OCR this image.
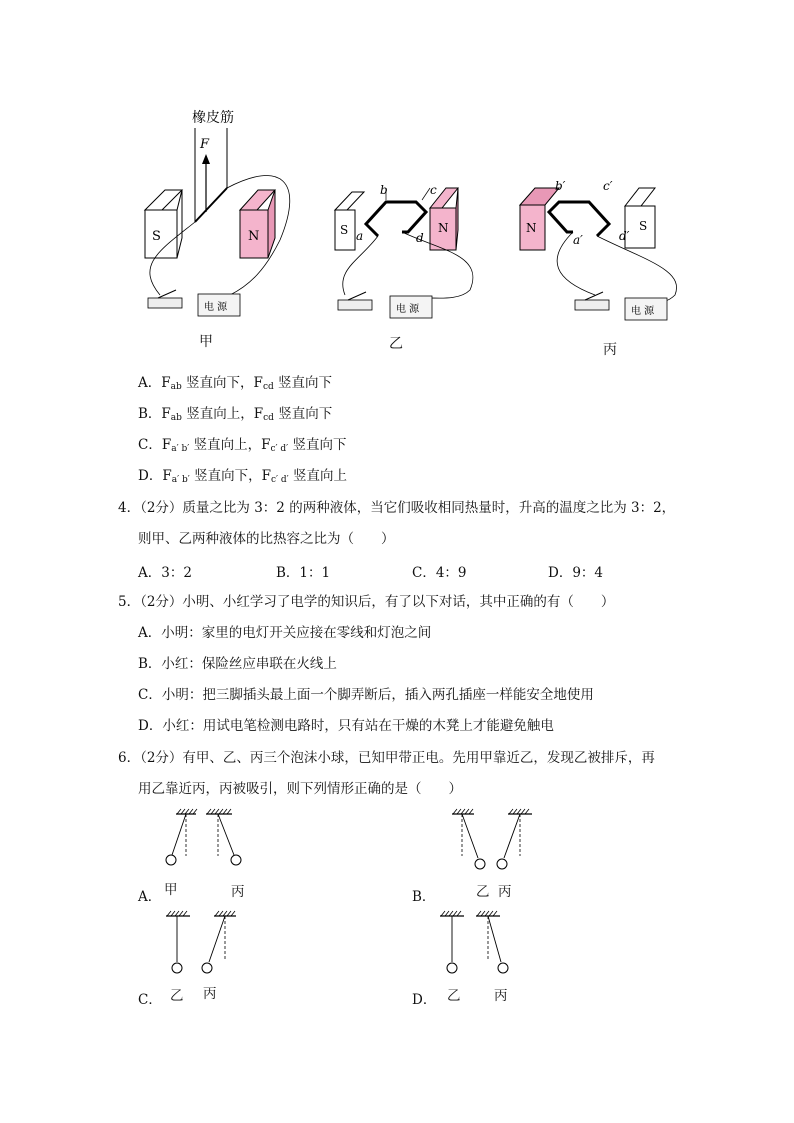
橡皮筋
F
S	N
电 源
甲
S	N
b	c
a	d
电 源
乙
N	S
b′	c′
a′	d′
电 源
丙
A．$F_{ab}$ 竖直向下，$F_{cd}$ 竖直向下
B．$F_{ab}$ 竖直向上，$F_{cd}$ 竖直向下
C．$F_{a' b'}$ 竖直向上，$F_{c' d'}$ 竖直向下
D．$F_{a' b'}$ 竖直向下，$F_{c' d'}$ 竖直向上
4．（2分）质量之比为 3：2 的两种液体，当它们吸收相同热量时，升高的温度之比为 3：2，
则甲、乙两种液体的比热容之比为（　　）
A．3：2	B．1：1	C．4：9	D．9：4
5．（2分）小明、小红学习了电学的知识后，有了以下对话，其中正确的有（　　）
A．小明：家里的电灯开关应接在零线和灯泡之间
B．小红：保险丝应串联在火线上
C．小明：把三脚插头最上面一个脚弄断后，插入两孔插座一样能安全地使用
D．小红：用试电笔检测电路时，只有站在干燥的木凳上才能避免触电
6．（2分）有甲、乙、丙三个泡沫小球，已知甲带正电。先用甲靠近乙，发现乙被排斥，再
用乙靠近丙，丙被吸引，则下列情形正确的是（　　）
A． 甲	丙	B．	乙 丙
C． 乙 丙	D． 乙 丙
